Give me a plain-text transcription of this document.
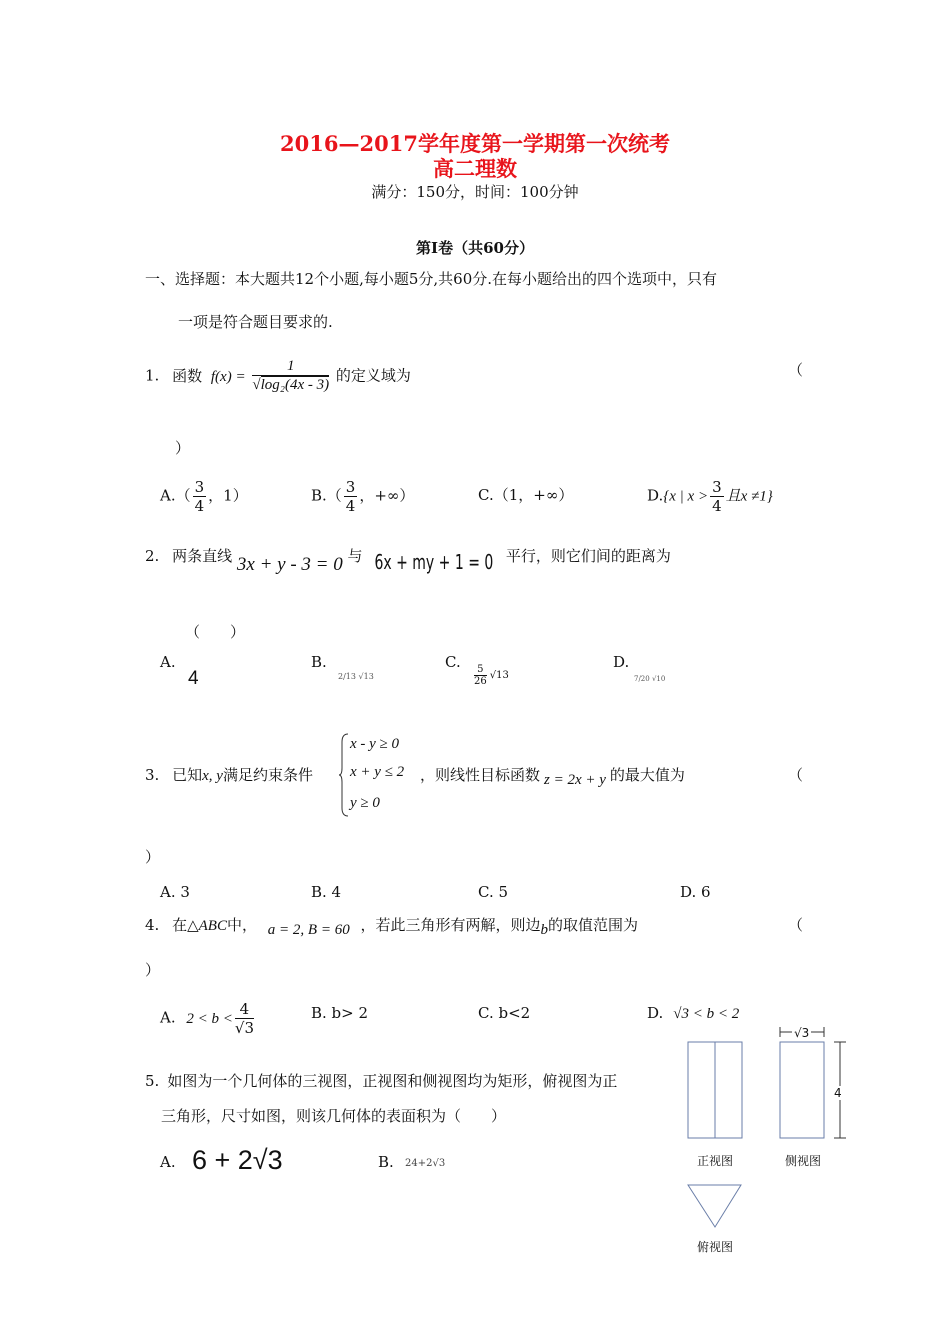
2016—2017学年度第一学期第一次统考
高二理数
满分：150分，时间：100分钟
第Ⅰ卷（共60分）
一、选择题：本大题共12个小题,每小题5分,共60分.在每小题给出的四个选项中，只有
一项是符合题目要求的.
1. 函数 $f(x) = \frac{1}{\text{√log₂(4x - 3)}}$ 的定义域为	（
）
$A.( \frac{3}{4}$ ，1）	$B.( \frac{3}{4}$ ，+∞）	C.（1，+∞）	D.{x | $x > \frac{3}{4}$ 且x ≠1}
2. 两条直线 3x + y - 3 = 0 与 6x + my + 1 = 0 平行，则它们间的距离为
（　　）
A.
4
B.
2/13 √13
C.
$\frac{5}{26} √13$
D.
7/20 √10
3. 已知x, y满足约束条件
x - y ≥ 0
x + y ≤ 2
y ≥ 0
，则线性目标函数 z = 2x + y 的最大值为	（
）
A. 3	B. 4	C. 5	D. 6
4. 在△ABC中， a = 2, B = 60 ，若此三角形有两解，则边b的取值范围为	（
）
A. $2 < b < \frac{4}{√3}$	B. b> 2	C. b<2	D. √3 < b < 2
5. 如图为一个几何体的三视图，正视图和侧视图均为矩形，俯视图为正
三角形，尺寸如图，则该几何体的表面积为（　　）
A. 6 + 2√3	B. 24+2√3
√3
4
正视图	侧视图
俯视图
